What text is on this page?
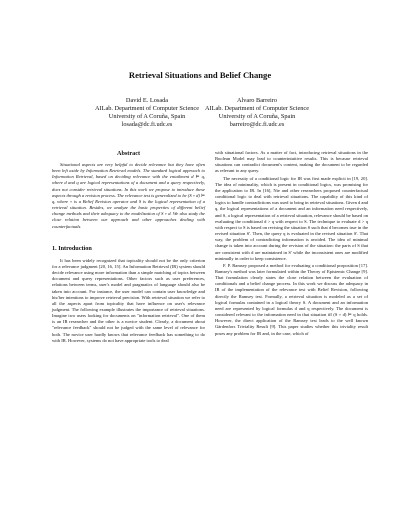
Retrieval Situations and Belief Change
David E. Losada
AILab. Department of Computer Science
University of A Coruña, Spain
losada@dc.fi.udc.es
Alvaro Barreiro
AILab. Department of Computer Science
University of A Coruña, Spain
barreiro@dc.fi.udc.es
Abstract

Situational aspects are very helpful to decide relevance but they have often been left aside by Information Retrieval models. The standard logical approach to Information Retrieval, based on deciding relevance with the entailment d ⊨ q, where d and q are logical representations of a document and a query respectively, does not consider retrieval situations. In this work we propose to introduce these aspects through a revision process. The relevance test is generalized to be (S ∘ d) ⊨ q, where ∘ is a Belief Revision operator and S is the logical representation of a retrieval situation. Besides, we analyze the basic properties of different belief change methods and their adequacy to the modelization of S ∘ d. We also study the close relation between our approach and other approaches dealing with counterfactuals.

1. Introduction

It has been widely recognized that topicality should not be the only criterion for a relevance judgment [20, 16, 15]. An Information Retrieval (IR) system should decide relevance using more information than a simple matching of topics between document and query representations. Other factors such as user preferences, relations between terms, user's model and pragmatics of language should also be taken into account. For instance, the user model can contain user knowledge and his/her intentions to improve retrieval precision. With retrieval situation we refer to all the aspects apart from topicality that have influence on user's relevance judgment. The following example illustrates the importance of retrieval situations. Imagine two users looking for documents on "information retrieval". One of them is an IR researcher and the other is a novice student. Clearly, a document about "relevance feedback" should not be judged with the same level of relevance for both. The novice user hardly knows that relevance feedback has something to do with IR. However, systems do not have appropriate tools to deal

with situational factors. As a matter of fact, introducing retrieval situations in the Boolean Model may lead to counterintuitive results. This is because retrieval situations can contradict document's content, making the document to be regarded as relevant to any query.

The necessity of a conditional logic for IR was first made explicit in [19, 20]. The idea of minimality, which is present in conditional logics, was promising for the application to IR. In [16], Nie and other researchers proposed counterfactual conditional logic to deal with retrieval situations. The capability of this kind of logics to handle contradictions was used to bring in retrieval situations. Given d and q, the logical representations of a document and an information need respectively, and S, a logical representation of a retrieval situation, relevance should be based on evaluating the conditional d > q with respect to S. The technique to evaluate d > q with respect to S is based on revising the situation S such that d becomes true in the revised situation S'. Then, the query q is evaluated in the revised situation S'. That way, the problem of contradicting information is avoided. The idea of minimal change is taken into account during the revision of the situation: the parts of S that are consistent with d are maintained in S' while the inconsistent ones are modified minimally in order to keep consistence.

F. P. Ramsey proposed a method for evaluating a conditional proposition [17]. Ramsey's method was later formulated within the Theory of Epistemic Change [9]. That formulation clearly states the close relation between the evaluation of conditionals and a belief change process. In this work we discuss the adequacy in IR of the implementation of the relevance test with Belief Revision, following directly the Ramsey test. Formally, a retrieval situation is modeled as a set of logical formulas contained in a logical theory S. A document and an information need are represented by logical formulas d and q respectively. The document is considered relevant to the information need in that situation iff (S ∘ d) ⊨ q holds. However, the direct application of the Ramsey test leads to the well known Gärdenfors Triviality Result [9]. This paper studies whether this triviality result poses any problem for IR and, in the case, which of
